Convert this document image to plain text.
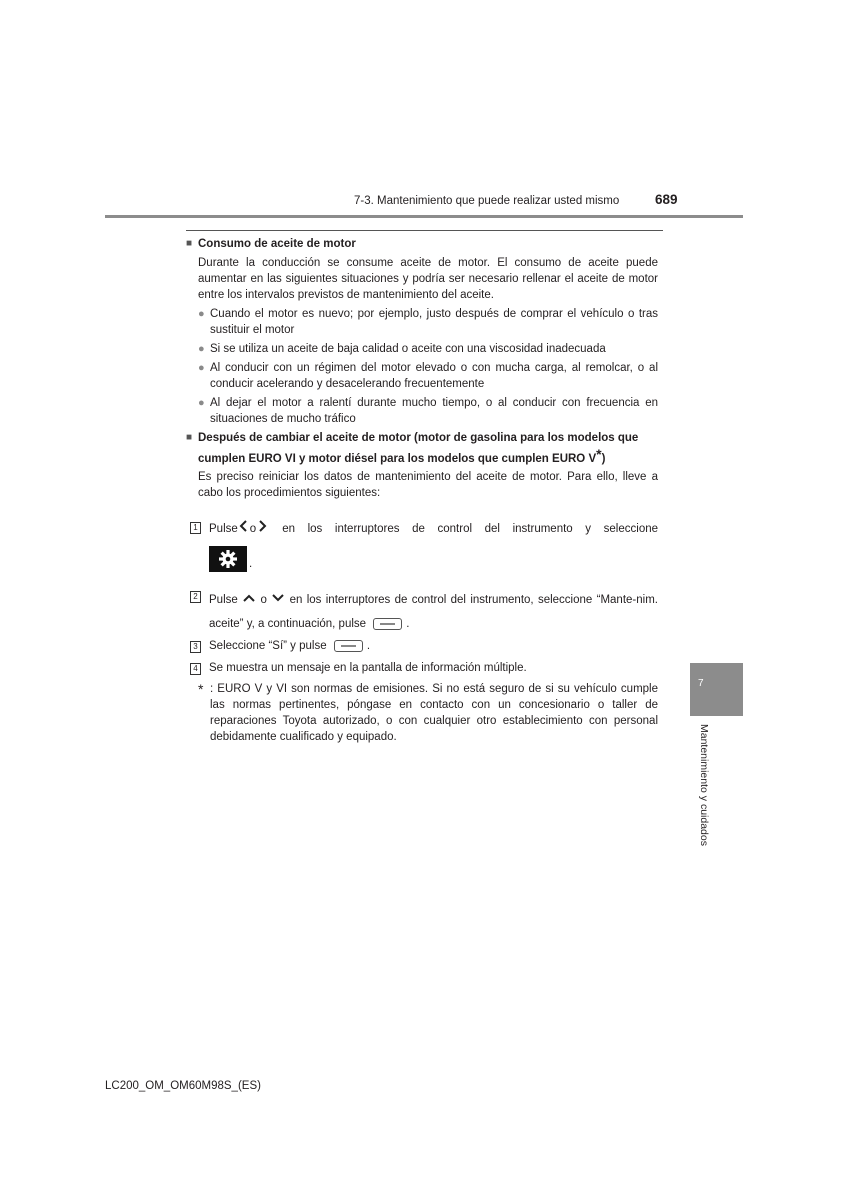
7-3. Mantenimiento que puede realizar usted mismo	689
■ Consumo de aceite de motor

Durante la conducción se consume aceite de motor. El consumo de aceite puede aumentar en las siguientes situaciones y podría ser necesario rellenar el aceite de motor entre los intervalos previstos de mantenimiento del aceite.

● Cuando el motor es nuevo; por ejemplo, justo después de comprar el vehículo o tras sustituir el motor
● Si se utiliza un aceite de baja calidad o aceite con una viscosidad inadecuada
● Al conducir con un régimen del motor elevado o con mucha carga, al remolcar, o al conducir acelerando y desacelerando frecuentemente
● Al dejar el motor a ralentí durante mucho tiempo, o al conducir con frecuencia en situaciones de mucho tráfico
■ Después de cambiar el aceite de motor (motor de gasolina para los modelos que cumplen EURO VI y motor diésel para los modelos que cumplen EURO V*)

Es preciso reiniciar los datos de mantenimiento del aceite de motor. Para ello, lleve a cabo los procedimientos siguientes:

1 Pulse o en los interruptores de control del instrumento y seleccione
.
2 Pulse o en los interruptores de control del instrumento, seleccione “Mante-nim. aceite” y, a continuación, pulse	.
3 Seleccione “Sí” y pulse	.
4 Se muestra un mensaje en la pantalla de información múltiple.
* : EURO V y VI son normas de emisiones. Si no está seguro de si su vehículo cumple las normas pertinentes, póngase en contacto con un concesionario o taller de reparaciones Toyota autorizado, o con cualquier otro establecimiento con personal debidamente cualificado y equipado.
7
Mantenimiento y cuidados
LC200_OM_OM60M98S_(ES)
